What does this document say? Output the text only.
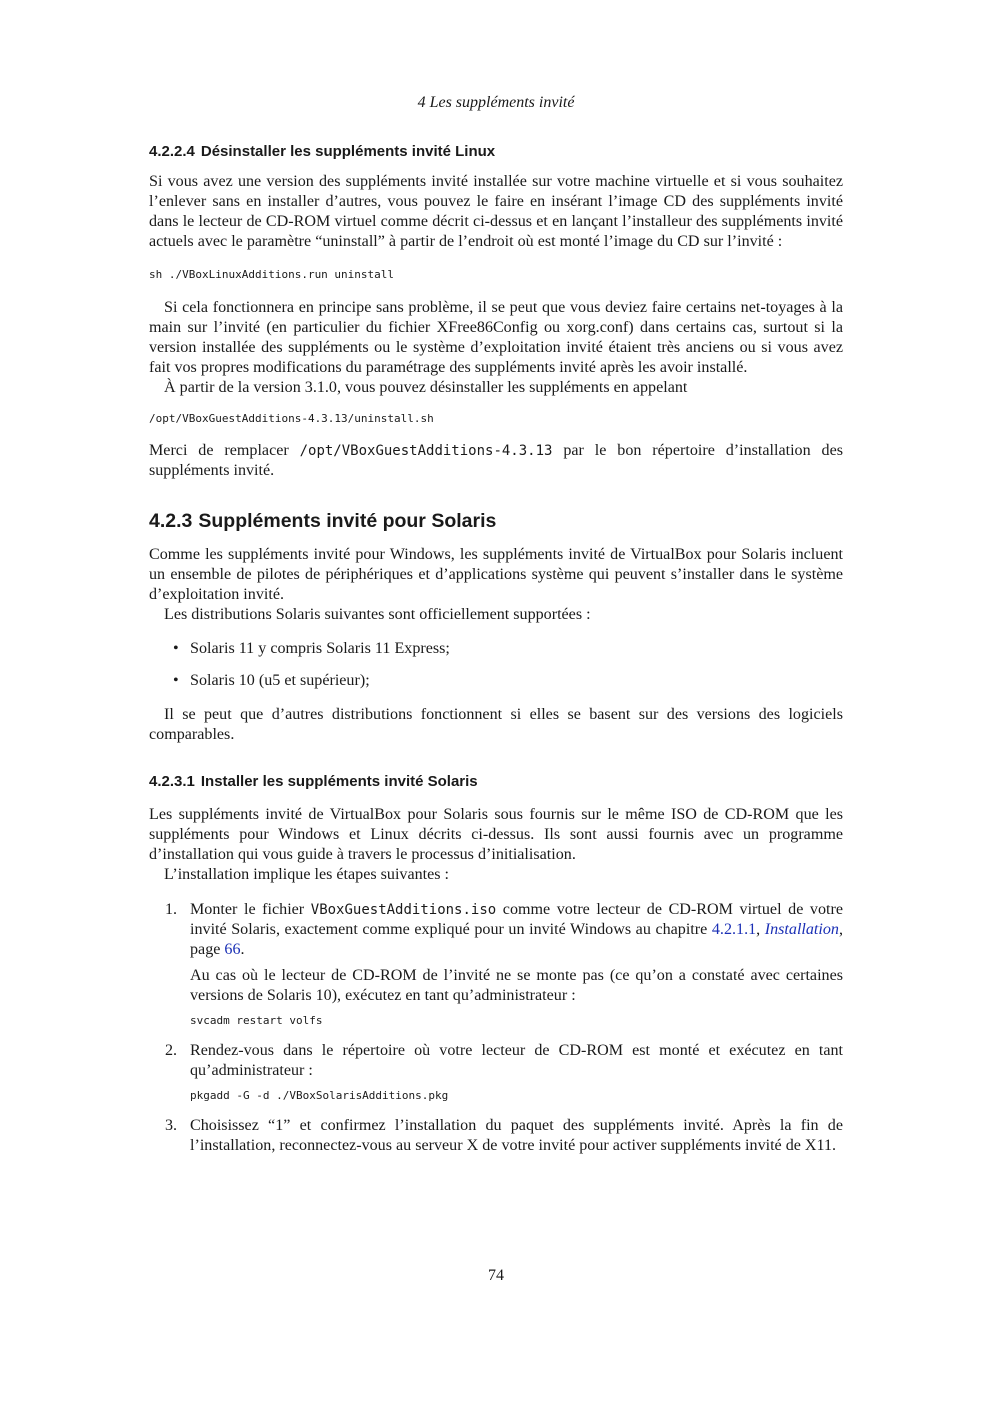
4 Les suppléments invité
4.2.2.4 Désinstaller les suppléments invité Linux

Si vous avez une version des suppléments invité installée sur votre machine virtuelle et si vous souhaitez l’enlever sans en installer d’autres, vous pouvez le faire en insérant l’image CD des suppléments invité dans le lecteur de CD-ROM virtuel comme décrit ci-dessus et en lançant l’installeur des suppléments invité actuels avec le paramètre “uninstall” à partir de l’endroit où est monté l’image du CD sur l’invité :

sh ./VBoxLinuxAdditions.run uninstall

Si cela fonctionnera en principe sans problème, il se peut que vous deviez faire certains net-toyages à la main sur l’invité (en particulier du fichier XFree86Config ou xorg.conf) dans certains cas, surtout si la version installée des suppléments ou le système d’exploitation invité étaient très anciens ou si vous avez fait vos propres modifications du paramétrage des suppléments invité après les avoir installé.

À partir de la version 3.1.0, vous pouvez désinstaller les suppléments en appelant

/opt/VBoxGuestAdditions-4.3.13/uninstall.sh

Merci de remplacer /opt/VBoxGuestAdditions-4.3.13 par le bon répertoire d’installation des suppléments invité.

4.2.3 Suppléments invité pour Solaris

Comme les suppléments invité pour Windows, les suppléments invité de VirtualBox pour Solaris incluent un ensemble de pilotes de périphériques et d’applications système qui peuvent s’installer dans le système d’exploitation invité.

Les distributions Solaris suivantes sont officiellement supportées :

• Solaris 11 y compris Solaris 11 Express;
• Solaris 10 (u5 et supérieur);

Il se peut que d’autres distributions fonctionnent si elles se basent sur des versions des logiciels comparables.

4.2.3.1 Installer les suppléments invité Solaris

Les suppléments invité de VirtualBox pour Solaris sous fournis sur le même ISO de CD-ROM que les suppléments pour Windows et Linux décrits ci-dessus. Ils sont aussi fournis avec un programme d’installation qui vous guide à travers le processus d’initialisation.

L’installation implique les étapes suivantes :

1. Monter le fichier VBoxGuestAdditions.iso comme votre lecteur de CD-ROM virtuel de votre invité Solaris, exactement comme expliqué pour un invité Windows au chapitre 4.2.1.1, Installation, page 66.

Au cas où le lecteur de CD-ROM de l’invité ne se monte pas (ce qu’on a constaté avec certaines versions de Solaris 10), exécutez en tant qu’administrateur :

svcadm restart volfs
2. Rendez-vous dans le répertoire où votre lecteur de CD-ROM est monté et exécutez en tant qu’administrateur :

pkgadd -G -d ./VBoxSolarisAdditions.pkg
3. Choisissez “1” et confirmez l’installation du paquet des suppléments invité. Après la fin de l’installation, reconnectez-vous au serveur X de votre invité pour activer suppléments invité de X11.

74
